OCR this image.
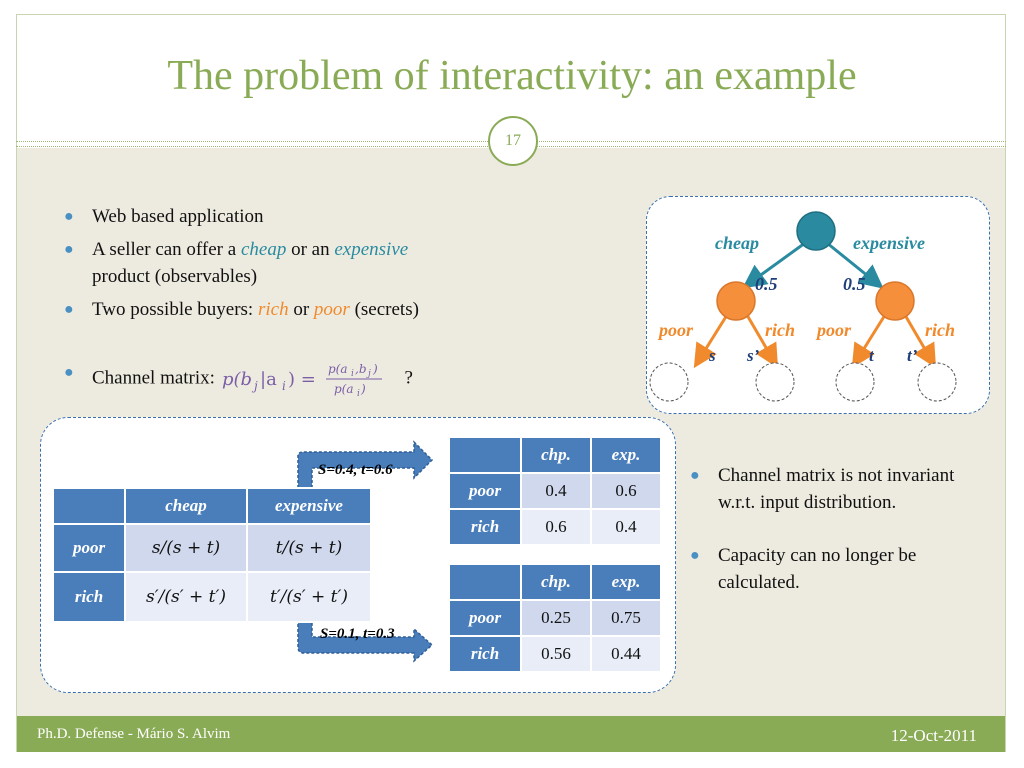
The problem of interactivity: an example
17
● Web based application
● A seller can offer a cheap or an expensive
product (observables)
● Two possible buyers: rich or poor (secrets)
● Channel matrix: p(b j |a i ) = p(a i ,b j )
p(a i )
?
cheap	expensive
0.5	0.5
poor	rich poor	rich
s s’	t t’
S=0.4, t=0.6
S=0.1, t=0.3
	cheap	expensive
poor	s/(s + t)	t/(s + t)
rich	s′/(s′ + t′)	t′/(s′ + t′)
	chp.	exp.
poor	0.4	0.6
rich	0.6	0.4
	chp.	exp.
poor	0.25	0.75
rich	0.56	0.44
● Channel matrix is not invariant w.r.t. input distribution.
● Capacity can no longer be calculated.
Ph.D. Defense - Mário S. Alvim	12-Oct-2011
